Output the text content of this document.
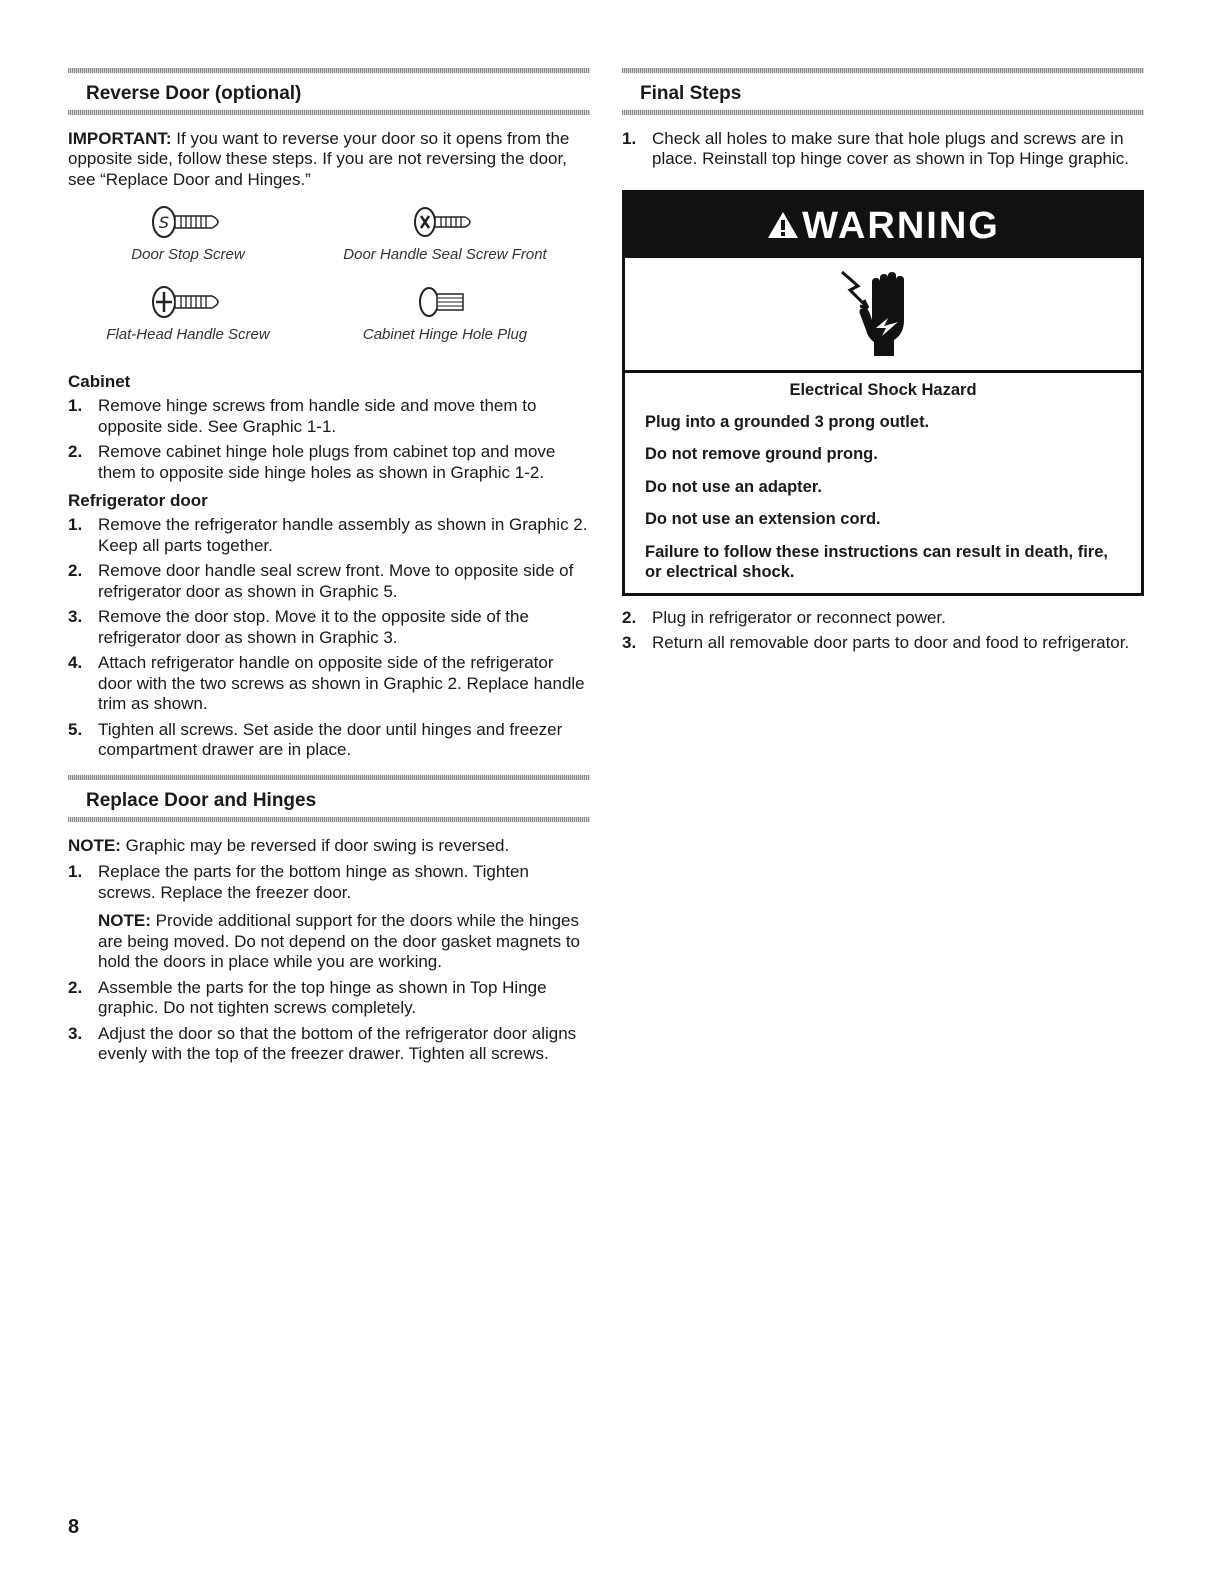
Reverse Door (optional)

IMPORTANT: If you want to reverse your door so it opens from the opposite side, follow these steps. If you are not reversing the door, see “Replace Door and Hinges.”

S
Door Stop Screw	Door Handle Seal Screw Front
Flat-Head Handle Screw	Cabinet Hinge Hole Plug
Cabinet
1. Remove hinge screws from handle side and move them to opposite side. See Graphic 1-1.
2. Remove cabinet hinge hole plugs from cabinet top and move them to opposite side hinge holes as shown in Graphic 1-2.
Refrigerator door
1. Remove the refrigerator handle assembly as shown in Graphic 2. Keep all parts together.
2. Remove door handle seal screw front. Move to opposite side of refrigerator door as shown in Graphic 5.
3. Remove the door stop. Move it to the opposite side of the refrigerator door as shown in Graphic 3.
4. Attach refrigerator handle on opposite side of the refrigerator door with the two screws as shown in Graphic 2. Replace handle trim as shown.
5. Tighten all screws. Set aside the door until hinges and freezer compartment drawer are in place.
Replace Door and Hinges

NOTE: Graphic may be reversed if door swing is reversed.

1. Replace the parts for the bottom hinge as shown. Tighten screws. Replace the freezer door.
NOTE: Provide additional support for the doors while the hinges are being moved. Do not depend on the door gasket magnets to hold the doors in place while you are working.
2. Assemble the parts for the top hinge as shown in Top Hinge graphic. Do not tighten screws completely.
3. Adjust the door so that the bottom of the refrigerator door aligns evenly with the top of the freezer drawer. Tighten all screws.
Final Steps
1. Check all holes to make sure that hole plugs and screws are in place. Reinstall top hinge cover as shown in Top Hinge graphic.
WARNING
Electrical Shock Hazard

Plug into a grounded 3 prong outlet.

Do not remove ground prong.

Do not use an adapter.

Do not use an extension cord.

Failure to follow these instructions can result in death, fire, or electrical shock.

2. Plug in refrigerator or reconnect power.
3. Return all removable door parts to door and food to refrigerator.
8
